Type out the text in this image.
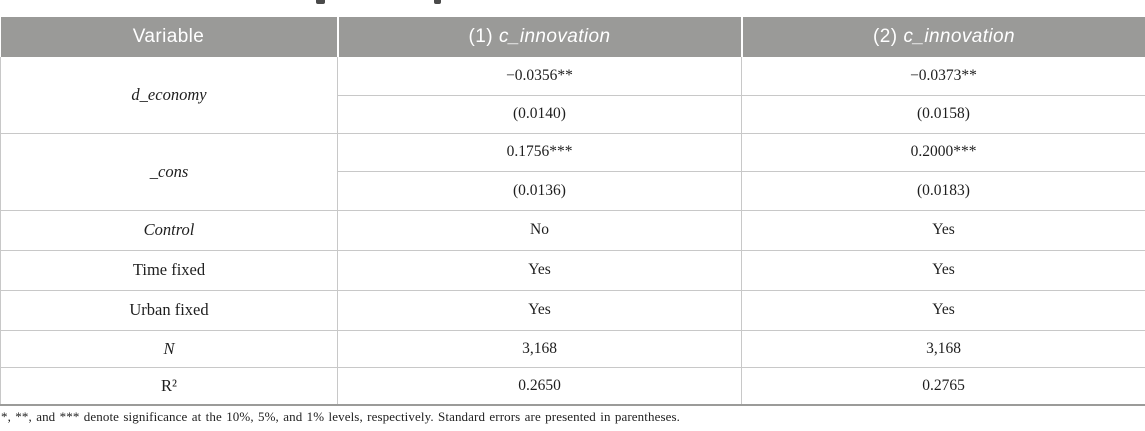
Variable	(1) c_innovation	(2) c_innovation
d_economy	−0.0356**	−0.0373**
	(0.0140)	(0.0158)
_cons	0.1756***	0.2000***
	(0.0136)	(0.0183)
Control	No	Yes
Time fixed	Yes	Yes
Urban fixed	Yes	Yes
N	3,168	3,168
R²	0.2650	0.2765
*, **, and *** denote significance at the 10%, 5%, and 1% levels, respectively. Standard errors are presented in parentheses.
